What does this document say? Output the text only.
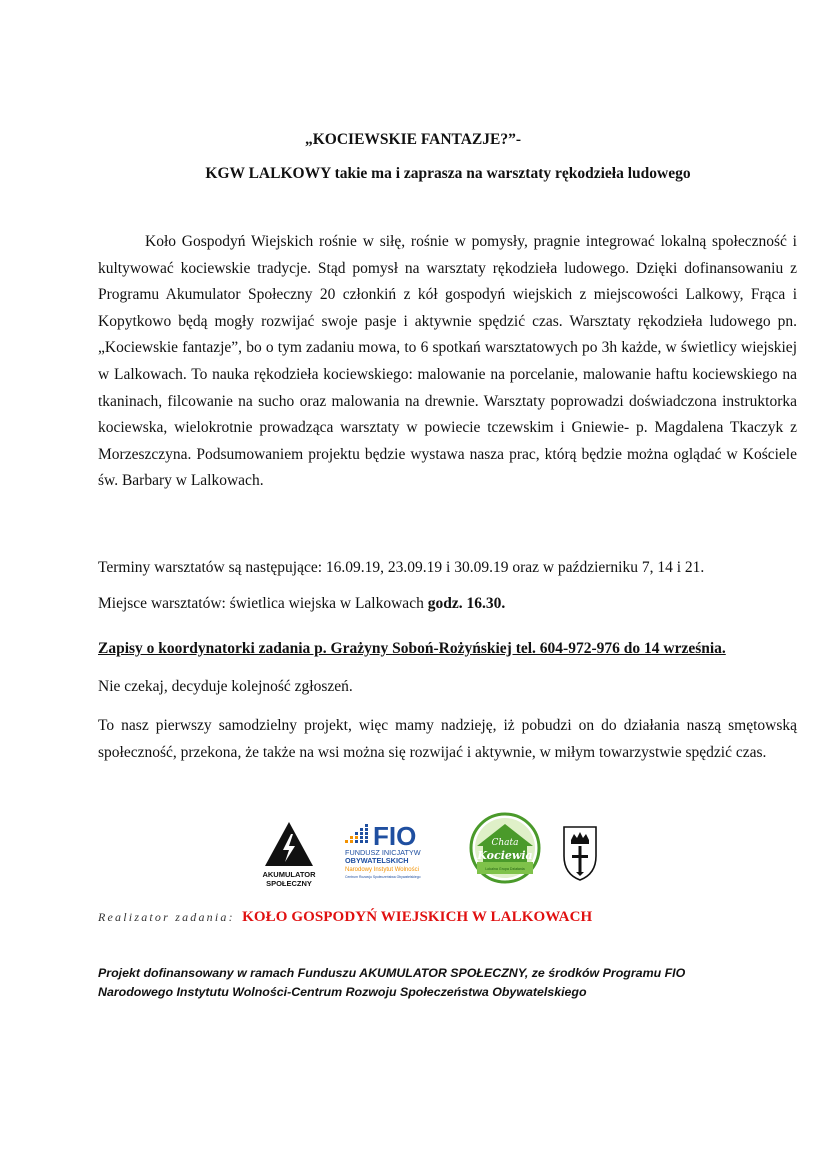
„KOCIEWSKIE FANTAZJE?”-
KGW LALKOWY takie ma i zaprasza na warsztaty rękodzieła ludowego
Koło Gospodyń Wiejskich rośnie w siłę, rośnie w pomysły, pragnie integrować lokalną społeczność i kultywować kociewskie tradycje. Stąd pomysł na warsztaty rękodzieła ludowego. Dzięki dofinansowaniu z Programu Akumulator Społeczny 20 członkiń z kół gospodyń wiejskich z miejscowości Lalkowy, Frąca i Kopytkowo będą mogły rozwijać swoje pasje i aktywnie spędzić czas. Warsztaty rękodzieła ludowego pn. „Kociewskie fantazje”, bo o tym zadaniu mowa, to 6 spotkań warsztatowych po 3h każde, w świetlicy wiejskiej w Lalkowach. To nauka rękodzieła kociewskiego: malowanie na porcelanie, malowanie haftu kociewskiego na tkaninach, filcowanie na sucho oraz malowania na drewnie. Warsztaty poprowadzi doświadczona instruktorka kociewska, wielokrotnie prowadząca warsztaty w powiecie tczewskim i Gniewie- p. Magdalena Tkaczyk z Morzeszczyna. Podsumowaniem projektu będzie wystawa nasza prac, którą będzie można oglądać w Kościele św. Barbary w Lalkowach.
Terminy warsztatów są następujące: 16.09.19, 23.09.19 i 30.09.19 oraz w październiku 7, 14 i 21.
Miejsce warsztatów: świetlica wiejska w Lalkowach godz. 16.30.
Zapisy o koordynatorki zadania p. Grażyny Soboń-Rożyńskiej tel. 604-972-976 do 14 września.
Nie czekaj, decyduje kolejność zgłoszeń.
To nasz pierwszy samodzielny projekt, więc mamy nadzieję, iż pobudzi on do działania naszą smętowską społeczność, przekona, że także na wsi można się rozwijać i aktywnie, w miłym towarzystwie spędzić czas.
AKUMULATOR
SPOŁECZNY
FIO
FUNDUSZ INICJATYW
OBYWATELSKICH
Narodowy Instytut Wolności
Centrum Rozwoju Społeczeństwa Obywatelskiego
Chata
Kociewia
Lokalna Grupa Działania
Realizator zadania: KOŁO GOSPODYŃ WIEJSKICH W LALKOWACH
Projekt dofinansowany w ramach Funduszu AKUMULATOR SPOŁECZNY, ze środków Programu FIO
Narodowego Instytutu Wolności-Centrum Rozwoju Społeczeństwa Obywatelskiego
